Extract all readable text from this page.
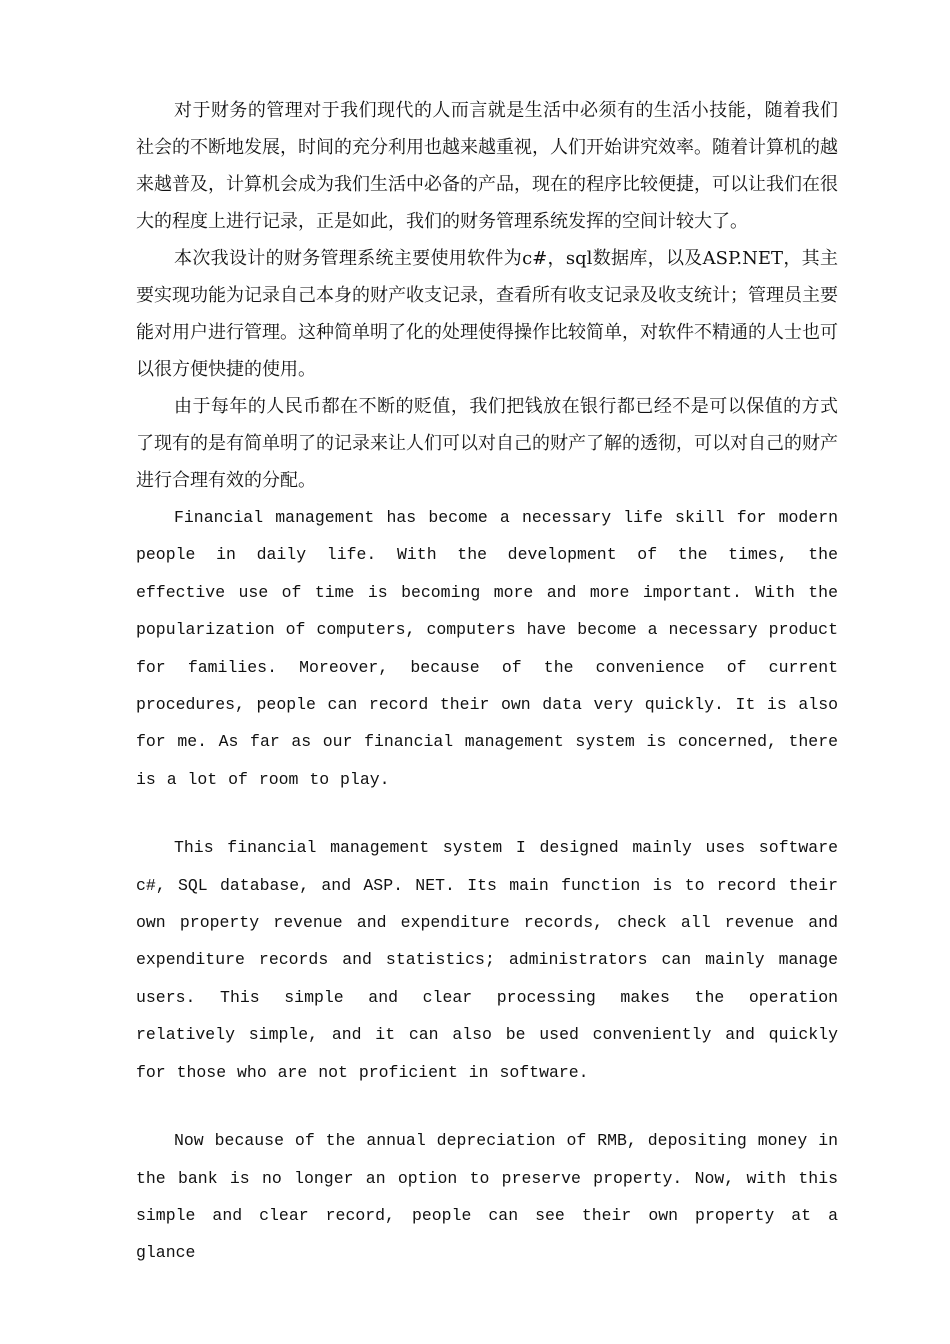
对于财务的管理对于我们现代的人而言就是生活中必须有的生活小技能，随着我们社会的不断地发展，时间的充分利用也越来越重视，人们开始讲究效率。随着计算机的越来越普及，计算机会成为我们生活中必备的产品，现在的程序比较便捷，可以让我们在很大的程度上进行记录，正是如此，我们的财务管理系统发挥的空间计较大了。

本次我设计的财务管理系统主要使用软件为c#，sql数据库，以及ASP.NET，其主要实现功能为记录自己本身的财产收支记录，查看所有收支记录及收支统计；管理员主要能对用户进行管理。这种简单明了化的处理使得操作比较简单，对软件不精通的人士也可以很方便快捷的使用。

由于每年的人民币都在不断的贬值，我们把钱放在银行都已经不是可以保值的方式了现有的是有简单明了的记录来让人们可以对自己的财产了解的透彻，可以对自己的财产进行合理有效的分配。

Financial management has become a necessary life skill for modern people in daily life. With the development of the times, the effective use of time is becoming more and more important. With the popularization of computers, computers have become a necessary product for families. Moreover, because of the convenience of current procedures, people can record their own data very quickly. It is also for me. As far as our financial management system is concerned, there is a lot of room to play.

This financial management system I designed mainly uses software c#, SQL database, and ASP. NET. Its main function is to record their own property revenue and expenditure records, check all revenue and expenditure records and statistics; administrators can mainly manage users. This simple and clear processing makes the operation relatively simple, and it can also be used conveniently and quickly for those who are not proficient in software.

Now because of the annual depreciation of RMB, depositing money in the bank is no longer an option to preserve property. Now, with this simple and clear record, people can see their own property at a glance
